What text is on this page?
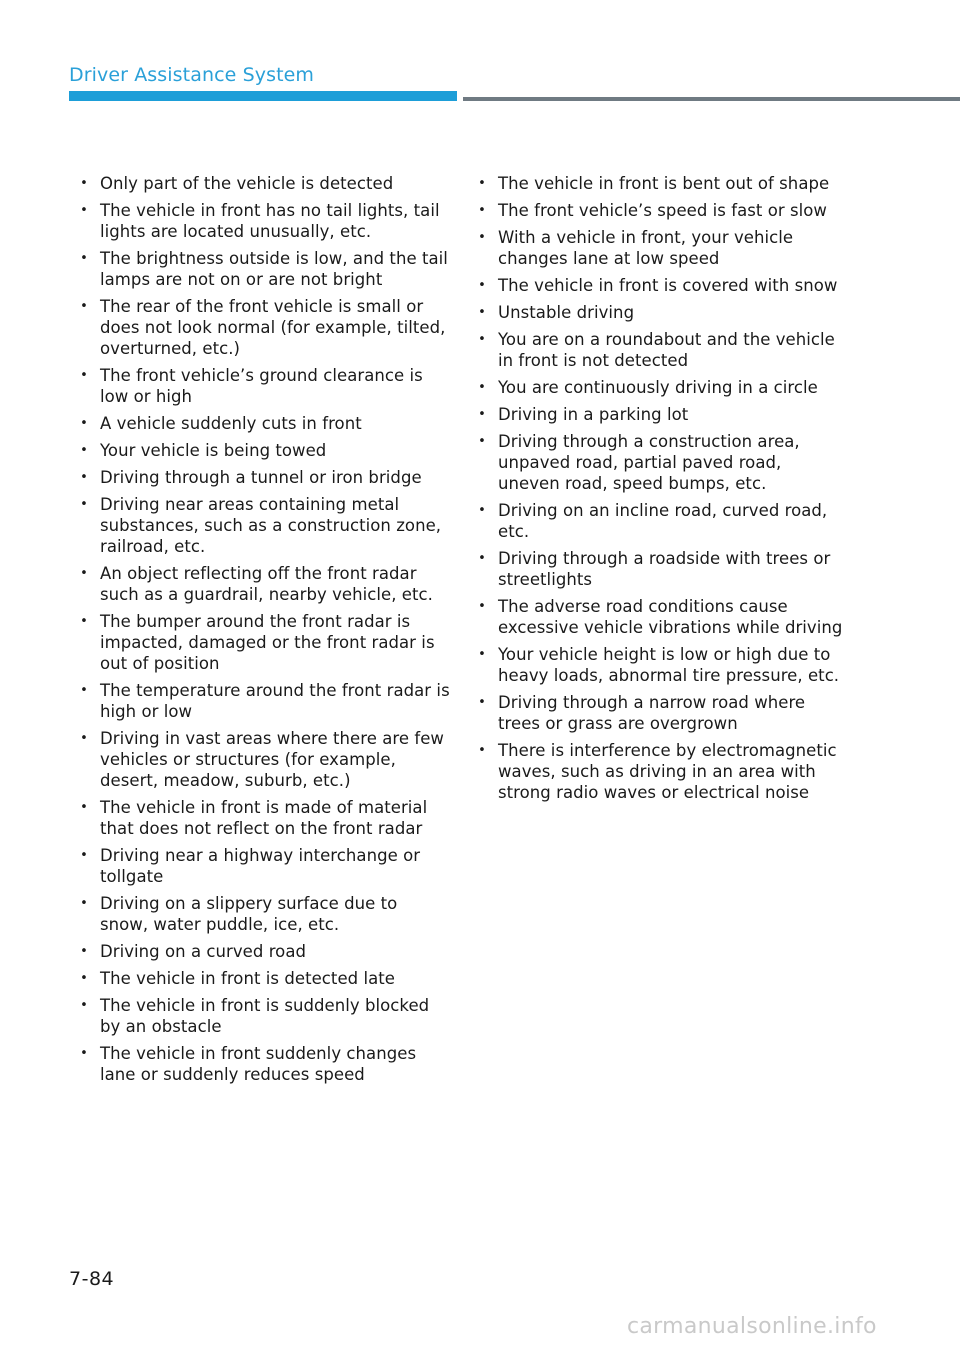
Driver Assistance System
• Only part of the vehicle is detected
• The vehicle in front has no tail lights, tail lights are located unusually, etc.
• The brightness outside is low, and the tail lamps are not on or are not bright
• The rear of the front vehicle is small or does not look normal (for example, tilted, overturned, etc.)
• The front vehicle’s ground clearance is low or high
• A vehicle suddenly cuts in front
• Your vehicle is being towed
• Driving through a tunnel or iron bridge
• Driving near areas containing metal substances, such as a construction zone, railroad, etc.
• An object reflecting off the front radar such as a guardrail, nearby vehicle, etc.
• The bumper around the front radar is impacted, damaged or the front radar is out of position
• The temperature around the front radar is high or low
• Driving in vast areas where there are few vehicles or structures (for example, desert, meadow, suburb, etc.)
• The vehicle in front is made of material that does not reflect on the front radar
• Driving near a highway interchange or tollgate
• Driving on a slippery surface due to snow, water puddle, ice, etc.
• Driving on a curved road
• The vehicle in front is detected late
• The vehicle in front is suddenly blocked by an obstacle
• The vehicle in front suddenly changes lane or suddenly reduces speed
• The vehicle in front is bent out of shape
• The front vehicle’s speed is fast or slow
• With a vehicle in front, your vehicle changes lane at low speed
• The vehicle in front is covered with snow
• Unstable driving
• You are on a roundabout and the vehicle in front is not detected
• You are continuously driving in a circle
• Driving in a parking lot
• Driving through a construction area, unpaved road, partial paved road, uneven road, speed bumps, etc.
• Driving on an incline road, curved road, etc.
• Driving through a roadside with trees or streetlights
• The adverse road conditions cause excessive vehicle vibrations while driving
• Your vehicle height is low or high due to heavy loads, abnormal tire pressure, etc.
• Driving through a narrow road where trees or grass are overgrown
• There is interference by electromagnetic waves, such as driving in an area with strong radio waves or electrical noise
7-84
carmanualsonline.info
